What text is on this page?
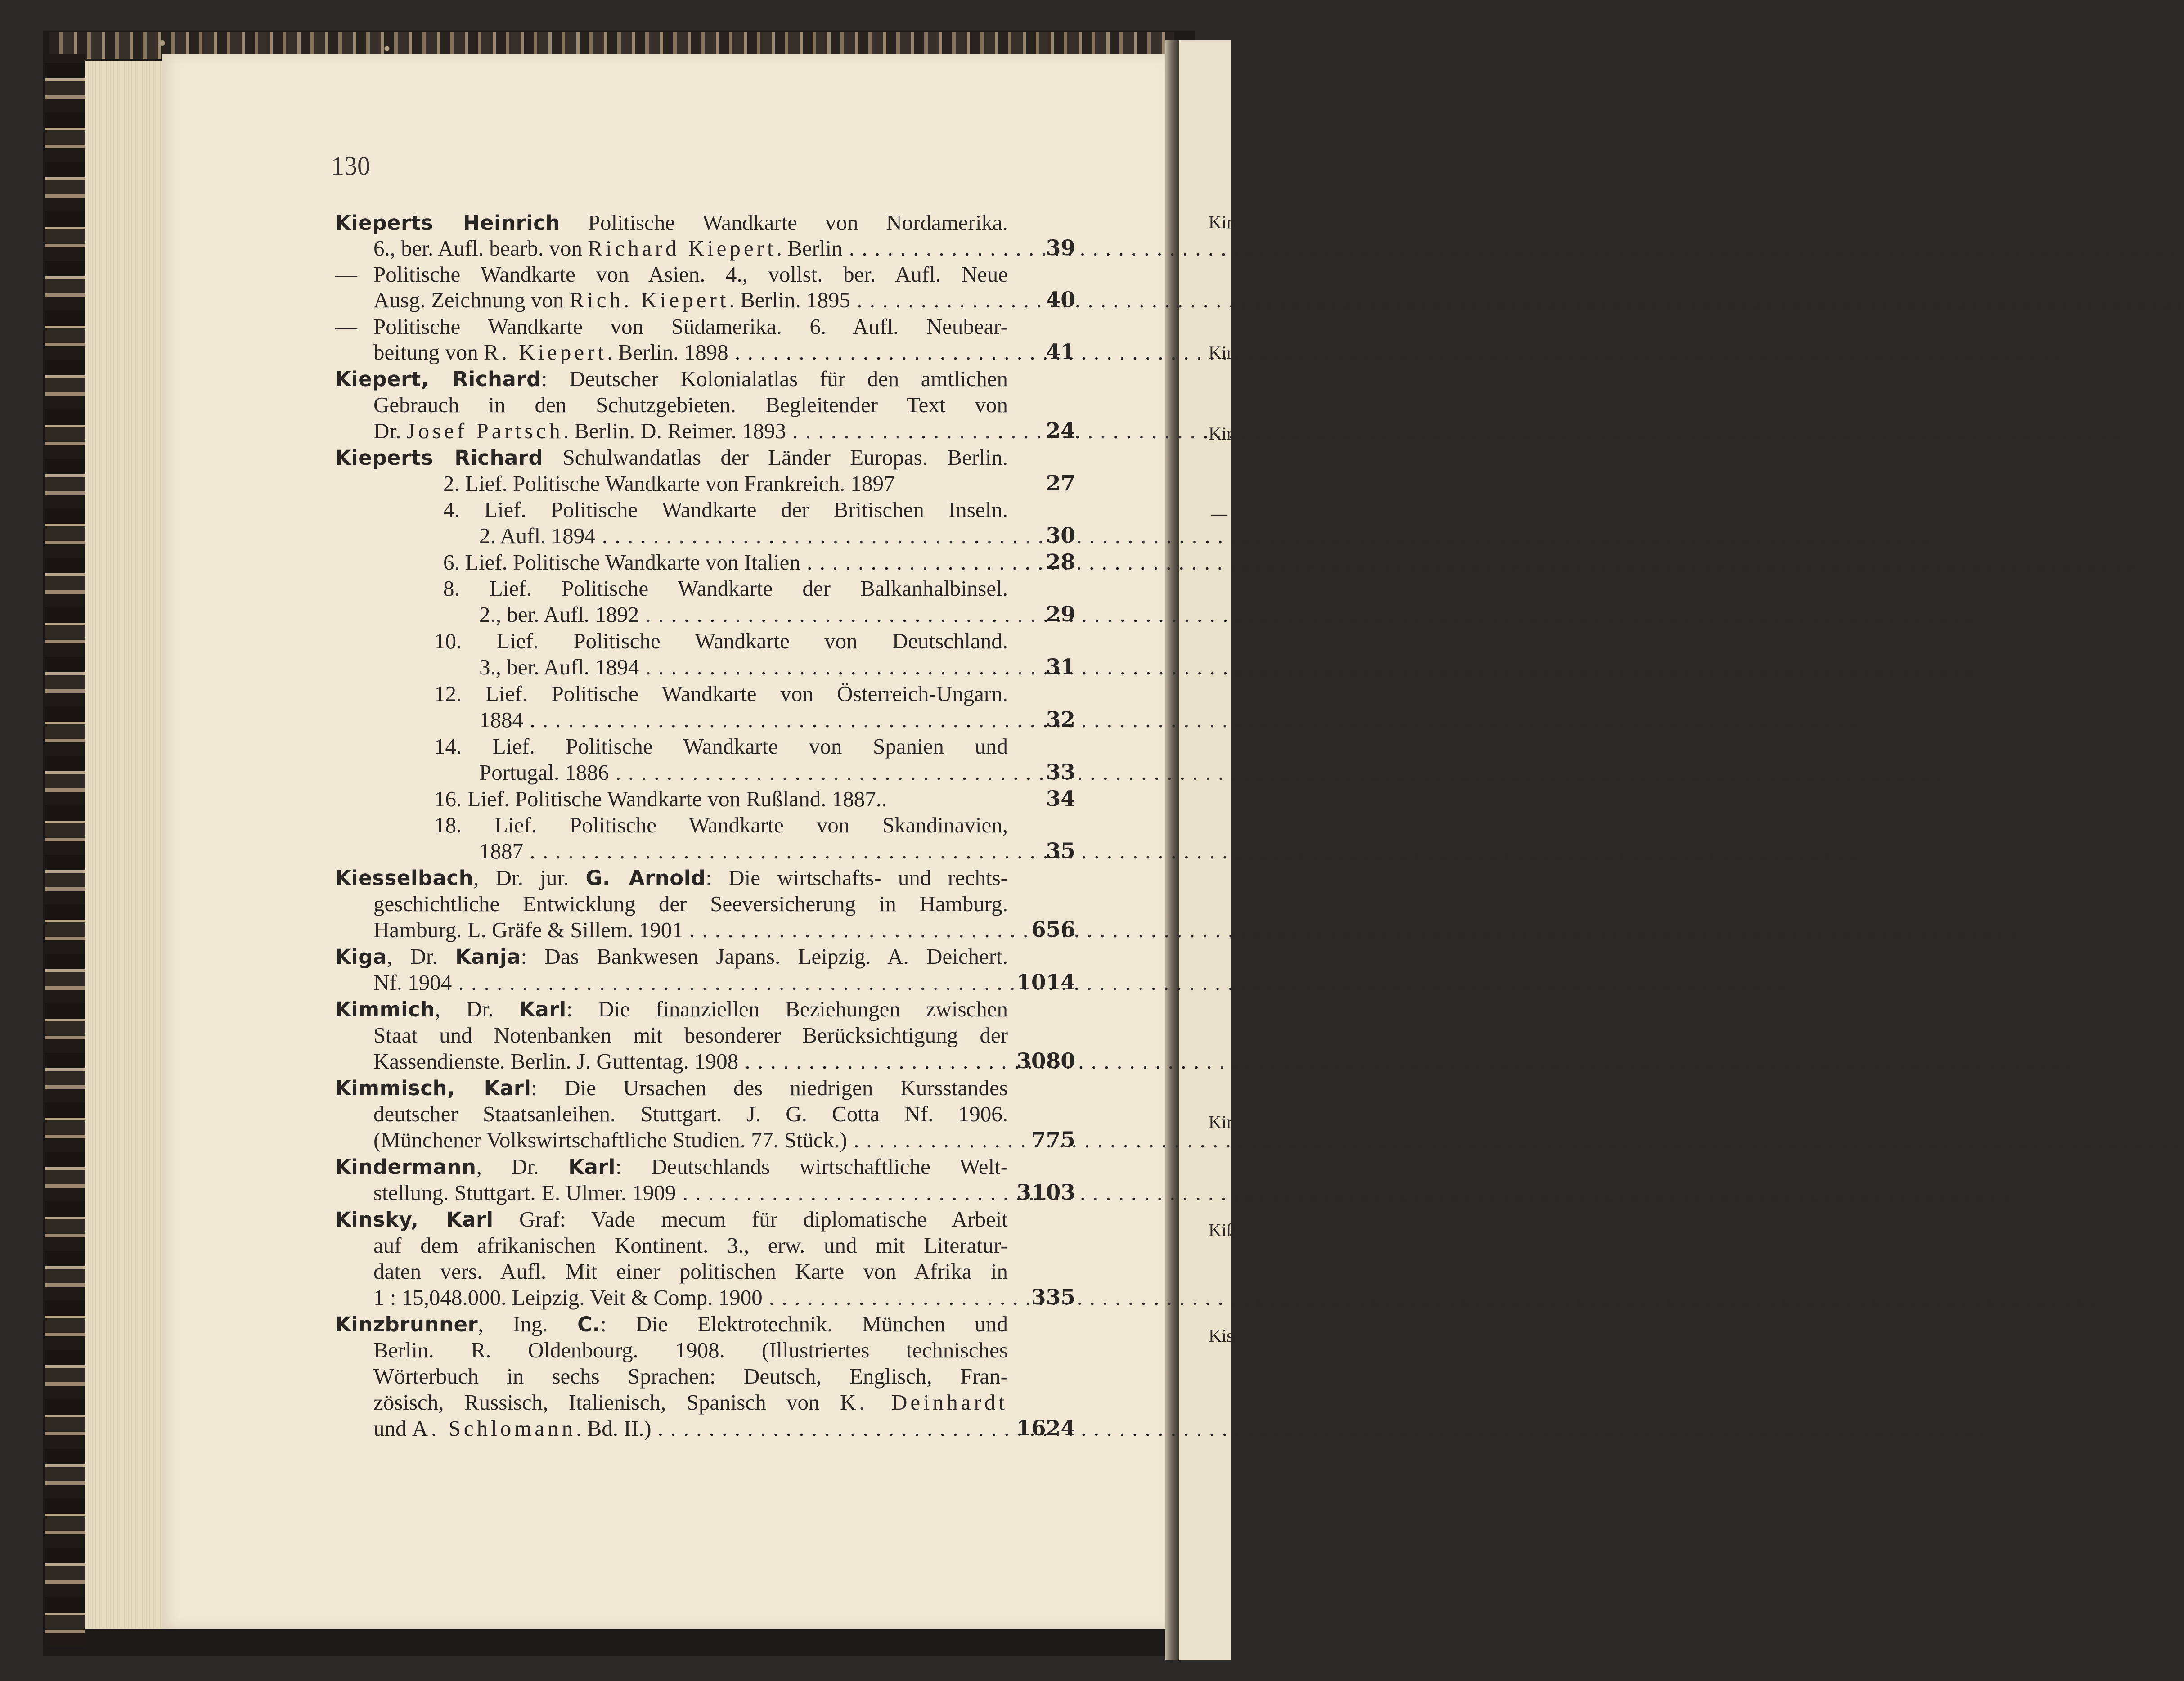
Kin
Kir
Kir
—
Kir
Kiß
Kis
130
Kieperts Heinrich Politische Wandkarte von Nordamerika.
6., ber. Aufl. bearb. von Richard Kiepert. Berlin . . .	39
— Politische Wandkarte von Asien. 4., vollst. ber. Aufl. Neue
Ausg. Zeichnung von Rich. Kiepert. Berlin. 1895 . . .	40
— Politische Wandkarte von Südamerika. 6. Aufl. Neubear-
beitung von R. Kiepert. Berlin. 1898 . . .	41
Kiepert, Richard: Deutscher Kolonialatlas für den amtlichen
Gebrauch in den Schutzgebieten. Begleitender Text von
Dr. Josef Partsch. Berlin. D. Reimer. 1893 . . .	24
Kieperts Richard Schulwandatlas der Länder Europas. Berlin.
2. Lief. Politische Wandkarte von Frankreich. 1897	27
4. Lief. Politische Wandkarte der Britischen Inseln.
2. Aufl. 1894 . . .	30
6. Lief. Politische Wandkarte von Italien . . .	28
8. Lief. Politische Wandkarte der Balkanhalbinsel.
2., ber. Aufl. 1892 . . .	29
10. Lief. Politische Wandkarte von Deutschland.
3., ber. Aufl. 1894 . . .	31
12. Lief. Politische Wandkarte von Österreich-Ungarn.
1884 . . .	32
14. Lief. Politische Wandkarte von Spanien und
Portugal. 1886 . . .	33
16. Lief. Politische Wandkarte von Rußland. 1887..	34
18. Lief. Politische Wandkarte von Skandinavien,
1887 . . .	35
Kiesselbach, Dr. jur. G. Arnold: Die wirtschafts- und rechts-
geschichtliche Entwicklung der Seeversicherung in Hamburg.
Hamburg. L. Gräfe & Sillem. 1901 . . .	656
Kiga, Dr. Kanja: Das Bankwesen Japans. Leipzig. A. Deichert.
Nf. 1904 . . .	1014
Kimmich, Dr. Karl: Die finanziellen Beziehungen zwischen
Staat und Notenbanken mit besonderer Berücksichtigung der
Kassendienste. Berlin. J. Guttentag. 1908 . . .	3080
Kimmisch, Karl: Die Ursachen des niedrigen Kursstandes
deutscher Staatsanleihen. Stuttgart. J. G. Cotta Nf. 1906.
(Münchener Volkswirtschaftliche Studien. 77. Stück.) . . .	775
Kindermann, Dr. Karl: Deutschlands wirtschaftliche Welt-
stellung. Stuttgart. E. Ulmer. 1909 . . .	3103
Kinsky, Karl Graf: Vade mecum für diplomatische Arbeit
auf dem afrikanischen Kontinent. 3., erw. und mit Literatur-
daten vers. Aufl. Mit einer politischen Karte von Afrika in
1 : 15,048.000. Leipzig. Veit & Comp. 1900 . . .	335
Kinzbrunner, Ing. C.: Die Elektrotechnik. München und
Berlin. R. Oldenbourg. 1908. (Illustriertes technisches
Wörterbuch in sechs Sprachen: Deutsch, Englisch, Fran-
zösisch, Russisch, Italienisch, Spanisch von K. Deinhardt
und A. Schlomann. Bd. II.) . . .	1624
